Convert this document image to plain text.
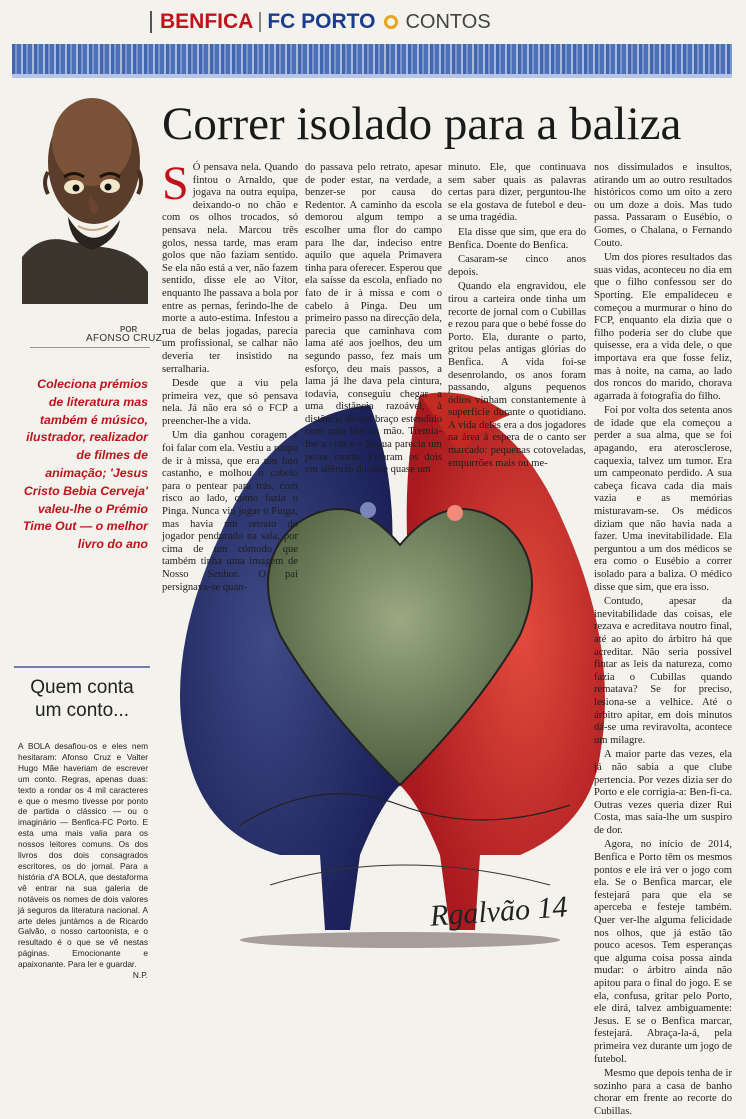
BENFICA FC PORTO CONTOS
Rgalvão 14
POR
AFONSO CRUZ
Coleciona prémios de literatura mas também é músico, ilustrador, realizador de filmes de animação; 'Jesus Cristo Bebia Cerveja' valeu-lhe o Prémio Time Out — o melhor livro do ano
Quem conta um conto...
A BOLA desafiou-os e eles nem hesitaram: Afonso Cruz e Valter Hugo Mãe haveriam de escrever um conto. Regras, apenas duas: texto a rondar os 4 mil caracteres e que o mesmo tivesse por ponto de partida o clássico — ou o imaginário — Benfica-FC Porto. E esta uma mais valia para os nossos leitores comuns. Os dos livros dos dois consagrados escritores, os do jornal. Para a história d'A BOLA, que destaforma vê entrar na sua galeria de notáveis os nomes de dois valores já seguros da literatura nacional. A arte deles juntámos a de Ricardo Galvão, o nosso cartoonista, e o resultado é o que se vê nestas páginas. Emocionante e apaixonante. Para ler e guardar.
N.P.
Correr isolado para a baliza
Rgalvão 14
S Ó pensava nela. Quando fintou o Arnaldo, que jogava na outra equipa, deixando-o no chão e com os olhos trocados, só pensava nela. Marcou três golos, nessa tarde, mas eram golos que não faziam sentido. Se ela não está a ver, não fazem sentido, disse ele ao Vítor, enquanto lhe passava a bola por entre as pernas, ferindo-lhe de morte a auto-estima. Infestou a rua de belas jogadas, parecia um profissional, se calhar não deveria ter insistido na serralharia.

Desde que a viu pela primeira vez, que só pensava nela. Já não era só o FCP a preencher-lhe a vida.

Um dia ganhou coragem e foi falar com ela. Vestiu a roupa de ir à missa, que era um fato castanho, e molhou o cabelo para o pentear para trás, com risco ao lado, como fazia o Pinga. Nunca viu jogar o Pinga, mas havia um retrato do jogador pendurado na sala, por cima de um cómodo que também tinha uma imagem de Nosso Senhor. O pai persignava-se quan-

do passava pelo retrato, apesar de poder estar, na verdade, a benzer-se por causa do Redentor. A caminho da escola demorou algum tempo a escolher uma flor do campo para lhe dar, indeciso entre aquilo que aquela Primavera tinha para oferecer. Esperou que ela saísse da escola, enfiado no fato de ir à missa e com o cabelo à Pinga. Deu um primeiro passo na direcção dela, parecia que caminhava com lama até aos joelhos, deu um segundo passo, fez mais um esforço, deu mais passos, a lama já lhe dava pela cintura, todavia, conseguiu chegar a uma distância razoável, à distância de um braço estendido com uma flor na mão. Tremia-lhe a vida e a língua parecia um peixe morto. Ficaram os dois em silêncio durante quase um

minuto. Ele, que continuava sem saber quais as palavras certas para dizer, perguntou-lhe se ela gostava de futebol e deu-se uma tragédia.

Ela disse que sim, que era do Benfica. Doente do Benfica.

Casaram-se cinco anos depois.

Quando ela engravidou, ele tirou a carteira onde tinha um recorte de jornal com o Cubillas e rezou para que o bebé fosse do Porto. Ela, durante o parto, gritou pelas antigas glórias do Benfica. A vida foi-se desenrolando, os anos foram passando, alguns pequenos ódios vinham constantemente à superfície durante o quotidiano. A vida deles era a dos jogadores na área à espera de o canto ser marcado: pequenas cotoveladas, empurrões mais ou me-

nos dissimulados e insultos, atirando um ao outro resultados históricos como um oito a zero ou um doze a dois. Mas tudo passa. Passaram o Eusébio, o Gomes, o Chalana, o Fernando Couto.

Um dos piores resultados das suas vidas, aconteceu no dia em que o filho confessou ser do Sporting. Ele empalideceu e começou a murmurar o hino do FCP, enquanto ela dizia que o filho poderia ser do clube que quisesse, era a vida dele, o que importava era que fosse feliz, mas à noite, na cama, ao lado dos roncos do marido, chorava agarrada à fotografia do filho.

Foi por volta dos setenta anos de idade que ela começou a perder a sua alma, que se foi apagando, era aterosclerose, caquexia, talvez um tumor. Era um campeonato perdido. A sua cabeça ficava cada dia mais vazia e as memórias misturavam-se. Os médicos diziam que não havia nada a fazer. Uma inevitabilidade. Ela perguntou a um dos médicos se era como o Eusébio a correr isolado para a baliza. O médico disse que sim, que era isso.

Contudo, apesar da inevitabilidade das coisas, ele rezava e acreditava noutro final, até ao apito do árbitro há que acreditar. Não seria possível fintar as leis da natureza, como fazia o Cubillas quando rematava? Se for preciso, lesiona-se a velhice. Até o árbitro apitar, em dois minutos dá-se uma reviravolta, acontece um milagre.

A maior parte das vezes, ela já não sabia a que clube pertencia. Por vezes dizia ser do Porto e ele corrigia-a: Ben-fi-ca. Outras vezes queria dizer Rui Costa, mas saía-lhe um suspiro de dor.

Agora, no início de 2014, Benfica e Porto têm os mesmos pontos e ele irá ver o jogo com ela. Se o Benfica marcar, ele festejará para que ela se aperceba e festeje também. Quer ver-lhe alguma felicidade nos olhos, que já estão tão pouco acesos. Tem esperanças que alguma coisa possa ainda mudar: o árbitro ainda não apitou para o final do jogo. E se ela, confusa, gritar pelo Porto, ele dirá, talvez ambiguamente: Jesus. E se o Benfica marcar, festejará. Abraça-la-á, pela primeira vez durante um jogo de futebol.

Mesmo que depois tenha de ir sozinho para a casa de banho chorar em frente ao recorte do Cubillas.
